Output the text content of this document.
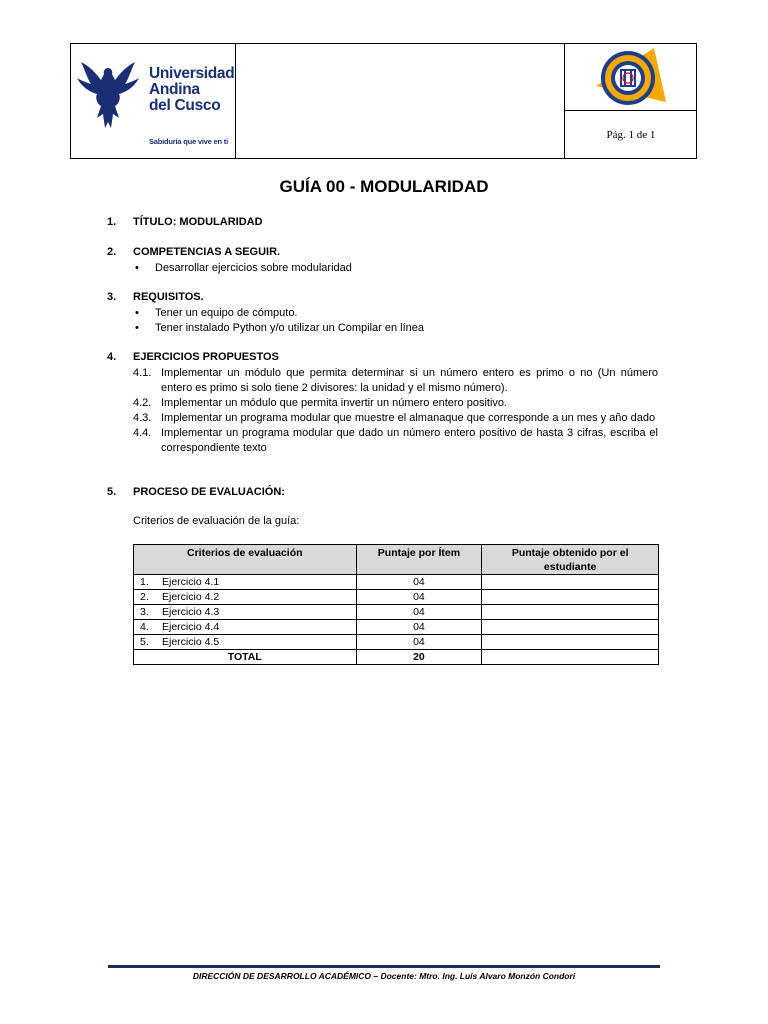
Universidad
Andina
del Cusco
Sabiduría que vive en ti
Pág. 1 de 1
GUÍA 00 - MODULARIDAD
1. TÍTULO: MODULARIDAD
2. COMPETENCIAS A SEGUIR.
• Desarrollar ejercicios sobre modularidad
3. REQUISITOS.
• Tener un equipo de cómputo.
• Tener instalado Python y/o utilizar un Compilar en línea
4. EJERCICIOS PROPUESTOS
4.1. Implementar un módulo que permita determinar si un número entero es primo o no (Un número entero es primo si solo tiene 2 divisores: la unidad y el mismo número).
4.2. Implementar un módulo que permita invertir un número entero positivo.
4.3. Implementar un programa modular que muestre el almanaque que corresponde a un mes y año dado
4.4. Implementar un programa modular que dado un número entero positivo de hasta 3 cifras, escriba el correspondiente texto
5. PROCESO DE EVALUACIÓN:
Criterios de evaluación de la guía:
Criterios de evaluación	Puntaje por Ítem	Puntaje obtenido por el estudiante
1. Ejercicio 4.1	04	
2. Ejercicio 4.2	04	
3. Ejercicio 4.3	04	
4. Ejercicio 4.4	04	
5. Ejercicio 4.5	04	
TOTAL	20	
DIRECCIÓN DE DESARROLLO ACADÉMICO – Docente: Mtro. Ing. Luis Alvaro Monzón Condori
